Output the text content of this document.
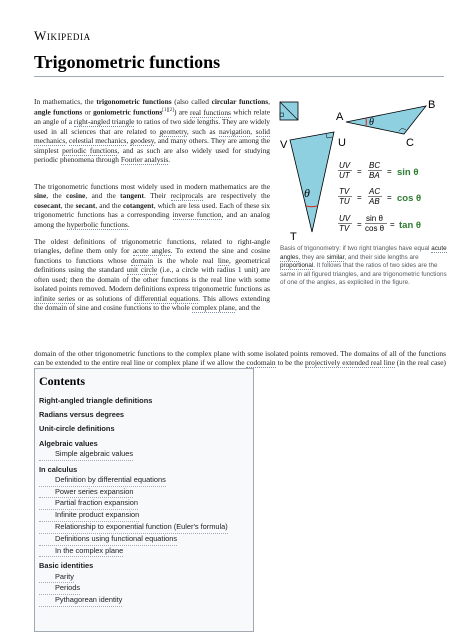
Wikipedia
Trigonometric functions
In mathematics, the trigonometric functions (also called circular functions, angle functions or goniometric functions[1][2]) are real functions which relate an angle of a right-angled triangle to ratios of two side lengths. They are widely used in all sciences that are related to geometry, such as navigation, solid mechanics, celestial mechanics, geodesy, and many others. They are among the simplest periodic functions, and as such are also widely used for studying periodic phenomena through Fourier analysis.
The trigonometric functions most widely used in modern mathematics are the sine, the cosine, and the tangent. Their reciprocals are respectively the cosecant, the secant, and the cotangent, which are less used. Each of these six trigonometric functions has a corresponding inverse function, and an analog among the hyperbolic functions.
The oldest definitions of trigonometric functions, related to right-angle triangles, define them only for acute angles. To extend the sine and cosine functions to functions whose domain is the whole real line, geometrical definitions using the standard unit circle (i.e., a circle with radius 1 unit) are often used; then the domain of the other functions is the real line with some isolated points removed. Modern definitions express trigonometric functions as infinite series or as solutions of differential equations. This allows extending the domain of sine and cosine functions to the whole complex plane, and the
domain of the other trigonometric functions to the complex plane with some isolated points removed. The domains of all of the functions can be extended to the entire real line or complex plane if we allow the codomain to be the projectively extended real line (in the real case)
θ
A
B
C
θ
V	U
T
UV
UT =
BC
BA = sin θ
TV
TU =
AC
AB = cos θ
UV
TV =
sin θ
cos θ = tan θ
Basis of trigonometry: if two right triangles have equal acute angles, they are similar, and their side lengths are proportional. It follows that the ratios of two sides are the same in all figured triangles, and are trigonometric functions of one of the angles, as explicited in the figure.
Contents
Right-angled triangle definitions
Radians versus degrees
Unit-circle definitions
Algebraic values
Simple algebraic values
In calculus
Definition by differential equations
Power series expansion
Partial fraction expansion
Infinite product expansion
Relationship to exponential function (Euler's formula)
Definitions using functional equations
In the complex plane
Basic identities
Parity
Periods
Pythagorean identity
